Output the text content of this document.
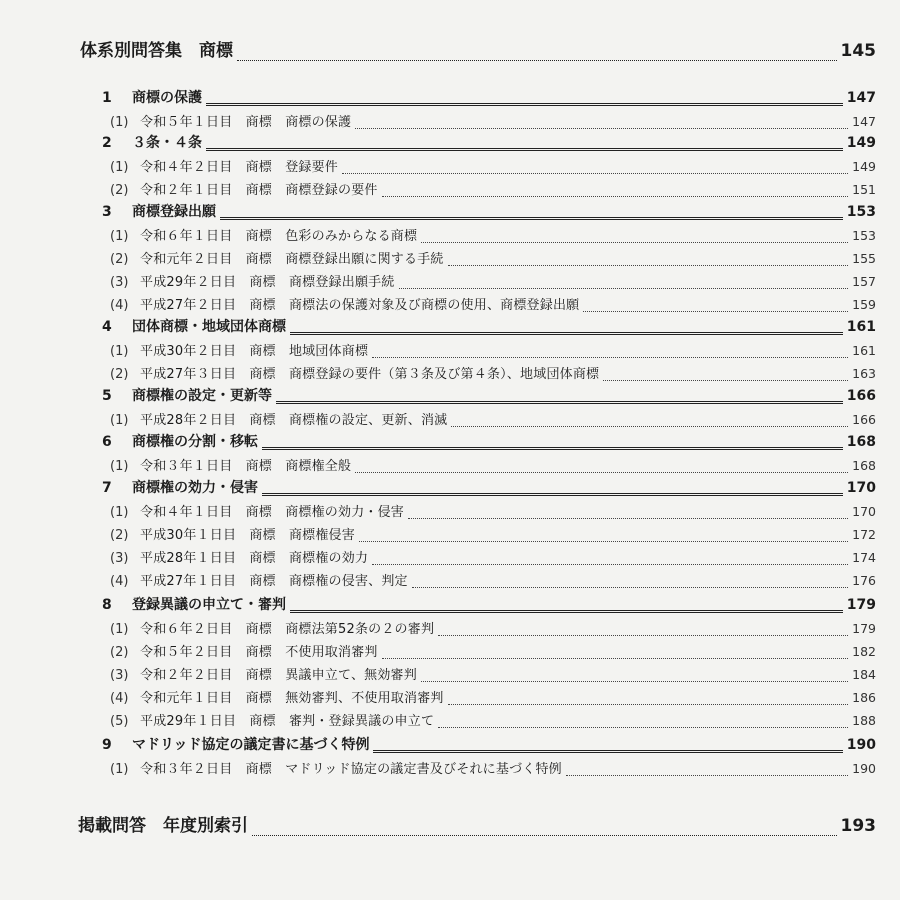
体系別問答集　商標	145
1	商標の保護	147
(1) 令和５年１日目　商標　商標の保護	147
2	３条・４条	149
(1) 令和４年２日目　商標　登録要件	149
(2) 令和２年１日目　商標　商標登録の要件	151
3	商標登録出願	153
(1) 令和６年１日目　商標　色彩のみからなる商標	153
(2) 令和元年２日目　商標　商標登録出願に関する手続	155
(3) 平成29年２日目　商標　商標登録出願手続	157
(4) 平成27年２日目　商標　商標法の保護対象及び商標の使用、商標登録出願	159
4	団体商標・地域団体商標	161
(1) 平成30年２日目　商標　地域団体商標	161
(2) 平成27年３日目　商標　商標登録の要件（第３条及び第４条）、地域団体商標	163
5	商標権の設定・更新等	166
(1) 平成28年２日目　商標　商標権の設定、更新、消滅	166
6	商標権の分割・移転	168
(1) 令和３年１日目　商標　商標権全般	168
7	商標権の効力・侵害	170
(1) 令和４年１日目　商標　商標権の効力・侵害	170
(2) 平成30年１日目　商標　商標権侵害	172
(3) 平成28年１日目　商標　商標権の効力	174
(4) 平成27年１日目　商標　商標権の侵害、判定	176
8	登録異議の申立て・審判	179
(1) 令和６年２日目　商標　商標法第52条の２の審判	179
(2) 令和５年２日目　商標　不使用取消審判	182
(3) 令和２年２日目　商標　異議申立て、無効審判	184
(4) 令和元年１日目　商標　無効審判、不使用取消審判	186
(5) 平成29年１日目　商標　審判・登録異議の申立て	188
9	マドリッド協定の議定書に基づく特例	190
(1) 令和３年２日目　商標　マドリッド協定の議定書及びそれに基づく特例	190
掲載問答　年度別索引	193
